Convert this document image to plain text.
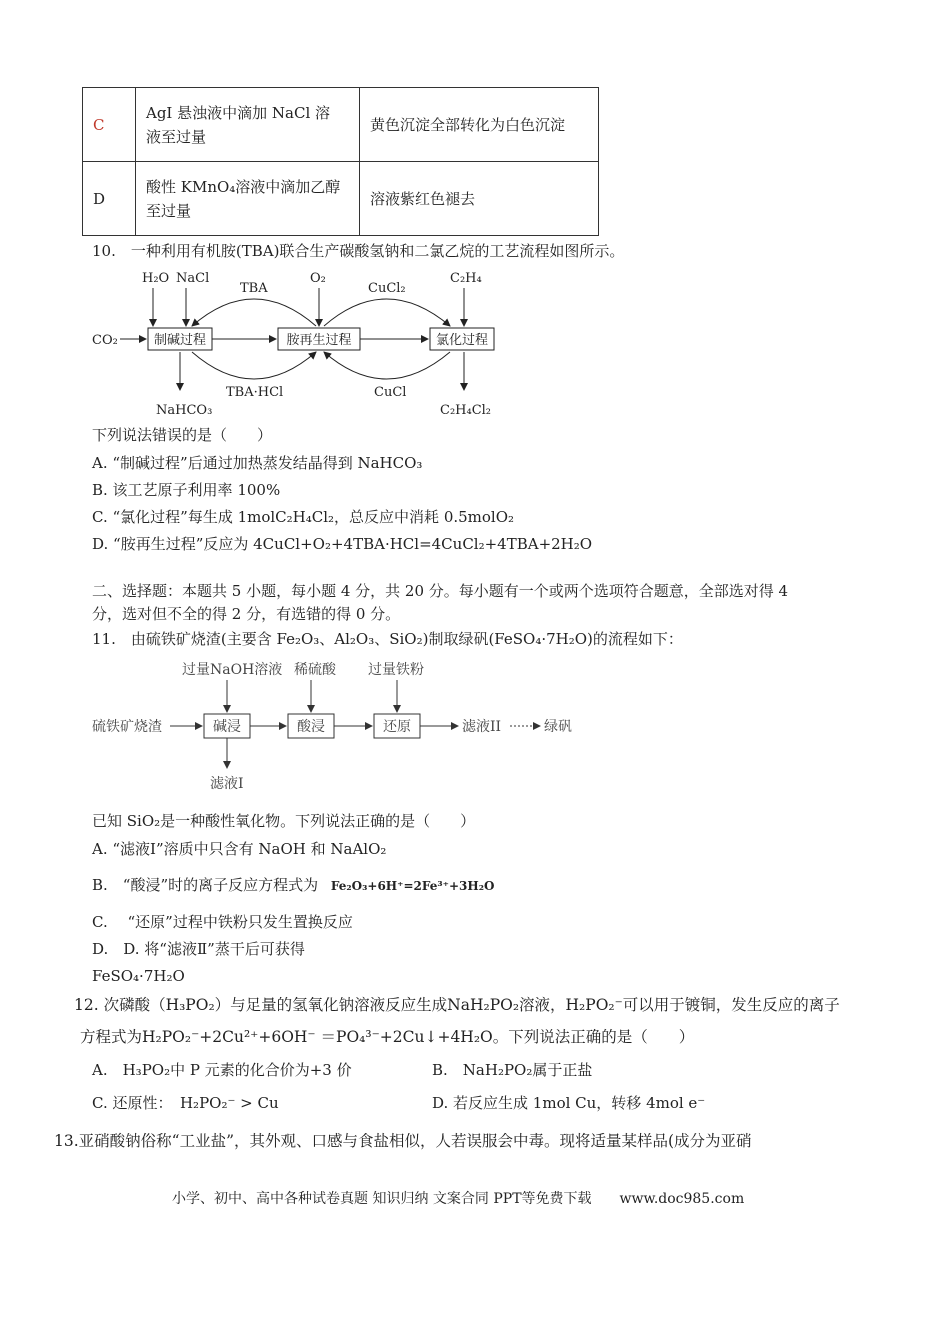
C	AgI 悬浊液中滴加 NaCl 溶
液至过量	黄色沉淀全部转化为白色沉淀
D	酸性 KMnO₄溶液中滴加乙醇
至过量	溶液紫红色褪去
10.　一种利用有机胺(TBA)联合生产碳酸氢钠和二氯乙烷的工艺流程如图所示。
制碱过程	胺再生过程	氯化过程
CO₂
H₂O NaCl	O₂	C₂H₄
TBA	CuCl₂
TBA·HCl	CuCl
NaHCO₃	C₂H₄Cl₂
下列说法错误的是（　　）
A. “制碱过程”后通过加热蒸发结晶得到 NaHCO₃
B. 该工艺原子利用率 100%
C. “氯化过程”每生成 1molC₂H₄Cl₂，总反应中消耗 0.5molO₂
D. “胺再生过程”反应为 4CuCl+O₂+4TBA·HCl=4CuCl₂+4TBA+2H₂O
二、选择题：本题共 5 小题，每小题 4 分，共 20 分。每小题有一个或两个选项符合题意，全部选对得 4
分，选对但不全的得 2 分，有选错的得 0 分。
11.　由硫铁矿烧渣(主要含 Fe₂O₃、Al₂O₃、SiO₂)制取绿矾(FeSO₄·7H₂O)的流程如下：
硫铁矿烧渣	碱浸	酸浸	还原	滤液II	绿矾
过量NaOH溶液 稀硫酸 过量铁粉
滤液I
已知 SiO₂是一种酸性氧化物。下列说法正确的是（　　）
A. “滤液Ⅰ”溶质中只含有 NaOH 和 NaAlO₂
B.　“酸浸”时的离子反应方程式为 Fe₂O₃+6H⁺=2Fe³⁺+3H₂O
C.　 “还原”过程中铁粉只发生置换反应
D.　D. 将“滤液Ⅱ”蒸干后可获得
FeSO₄·7H₂O
12. 次磷酸（H₃PO₂）与足量的氢氧化钠溶液反应生成NaH₂PO₂溶液，H₂PO₂⁻可以用于镀铜，发生反应的离子
方程式为H₂PO₂⁻+2Cu²⁺+6OH⁻ ＝PO₄³⁻+2Cu↓+4H₂O。下列说法正确的是（　　）
A.　H₃PO₂中 P 元素的化合价为+3 价	B.　NaH₂PO₂属于正盐
C. 还原性：　H₂PO₂⁻ > Cu	D. 若反应生成 1mol Cu，转移 4mol e⁻
13.亚硝酸钠俗称“工业盐”，其外观、口感与食盐相似，人若误服会中毒。现将适量某样品(成分为亚硝
小学、初中、高中各种试卷真题 知识归纳 文案合同 PPT等免费下载　　www.doc985.com
